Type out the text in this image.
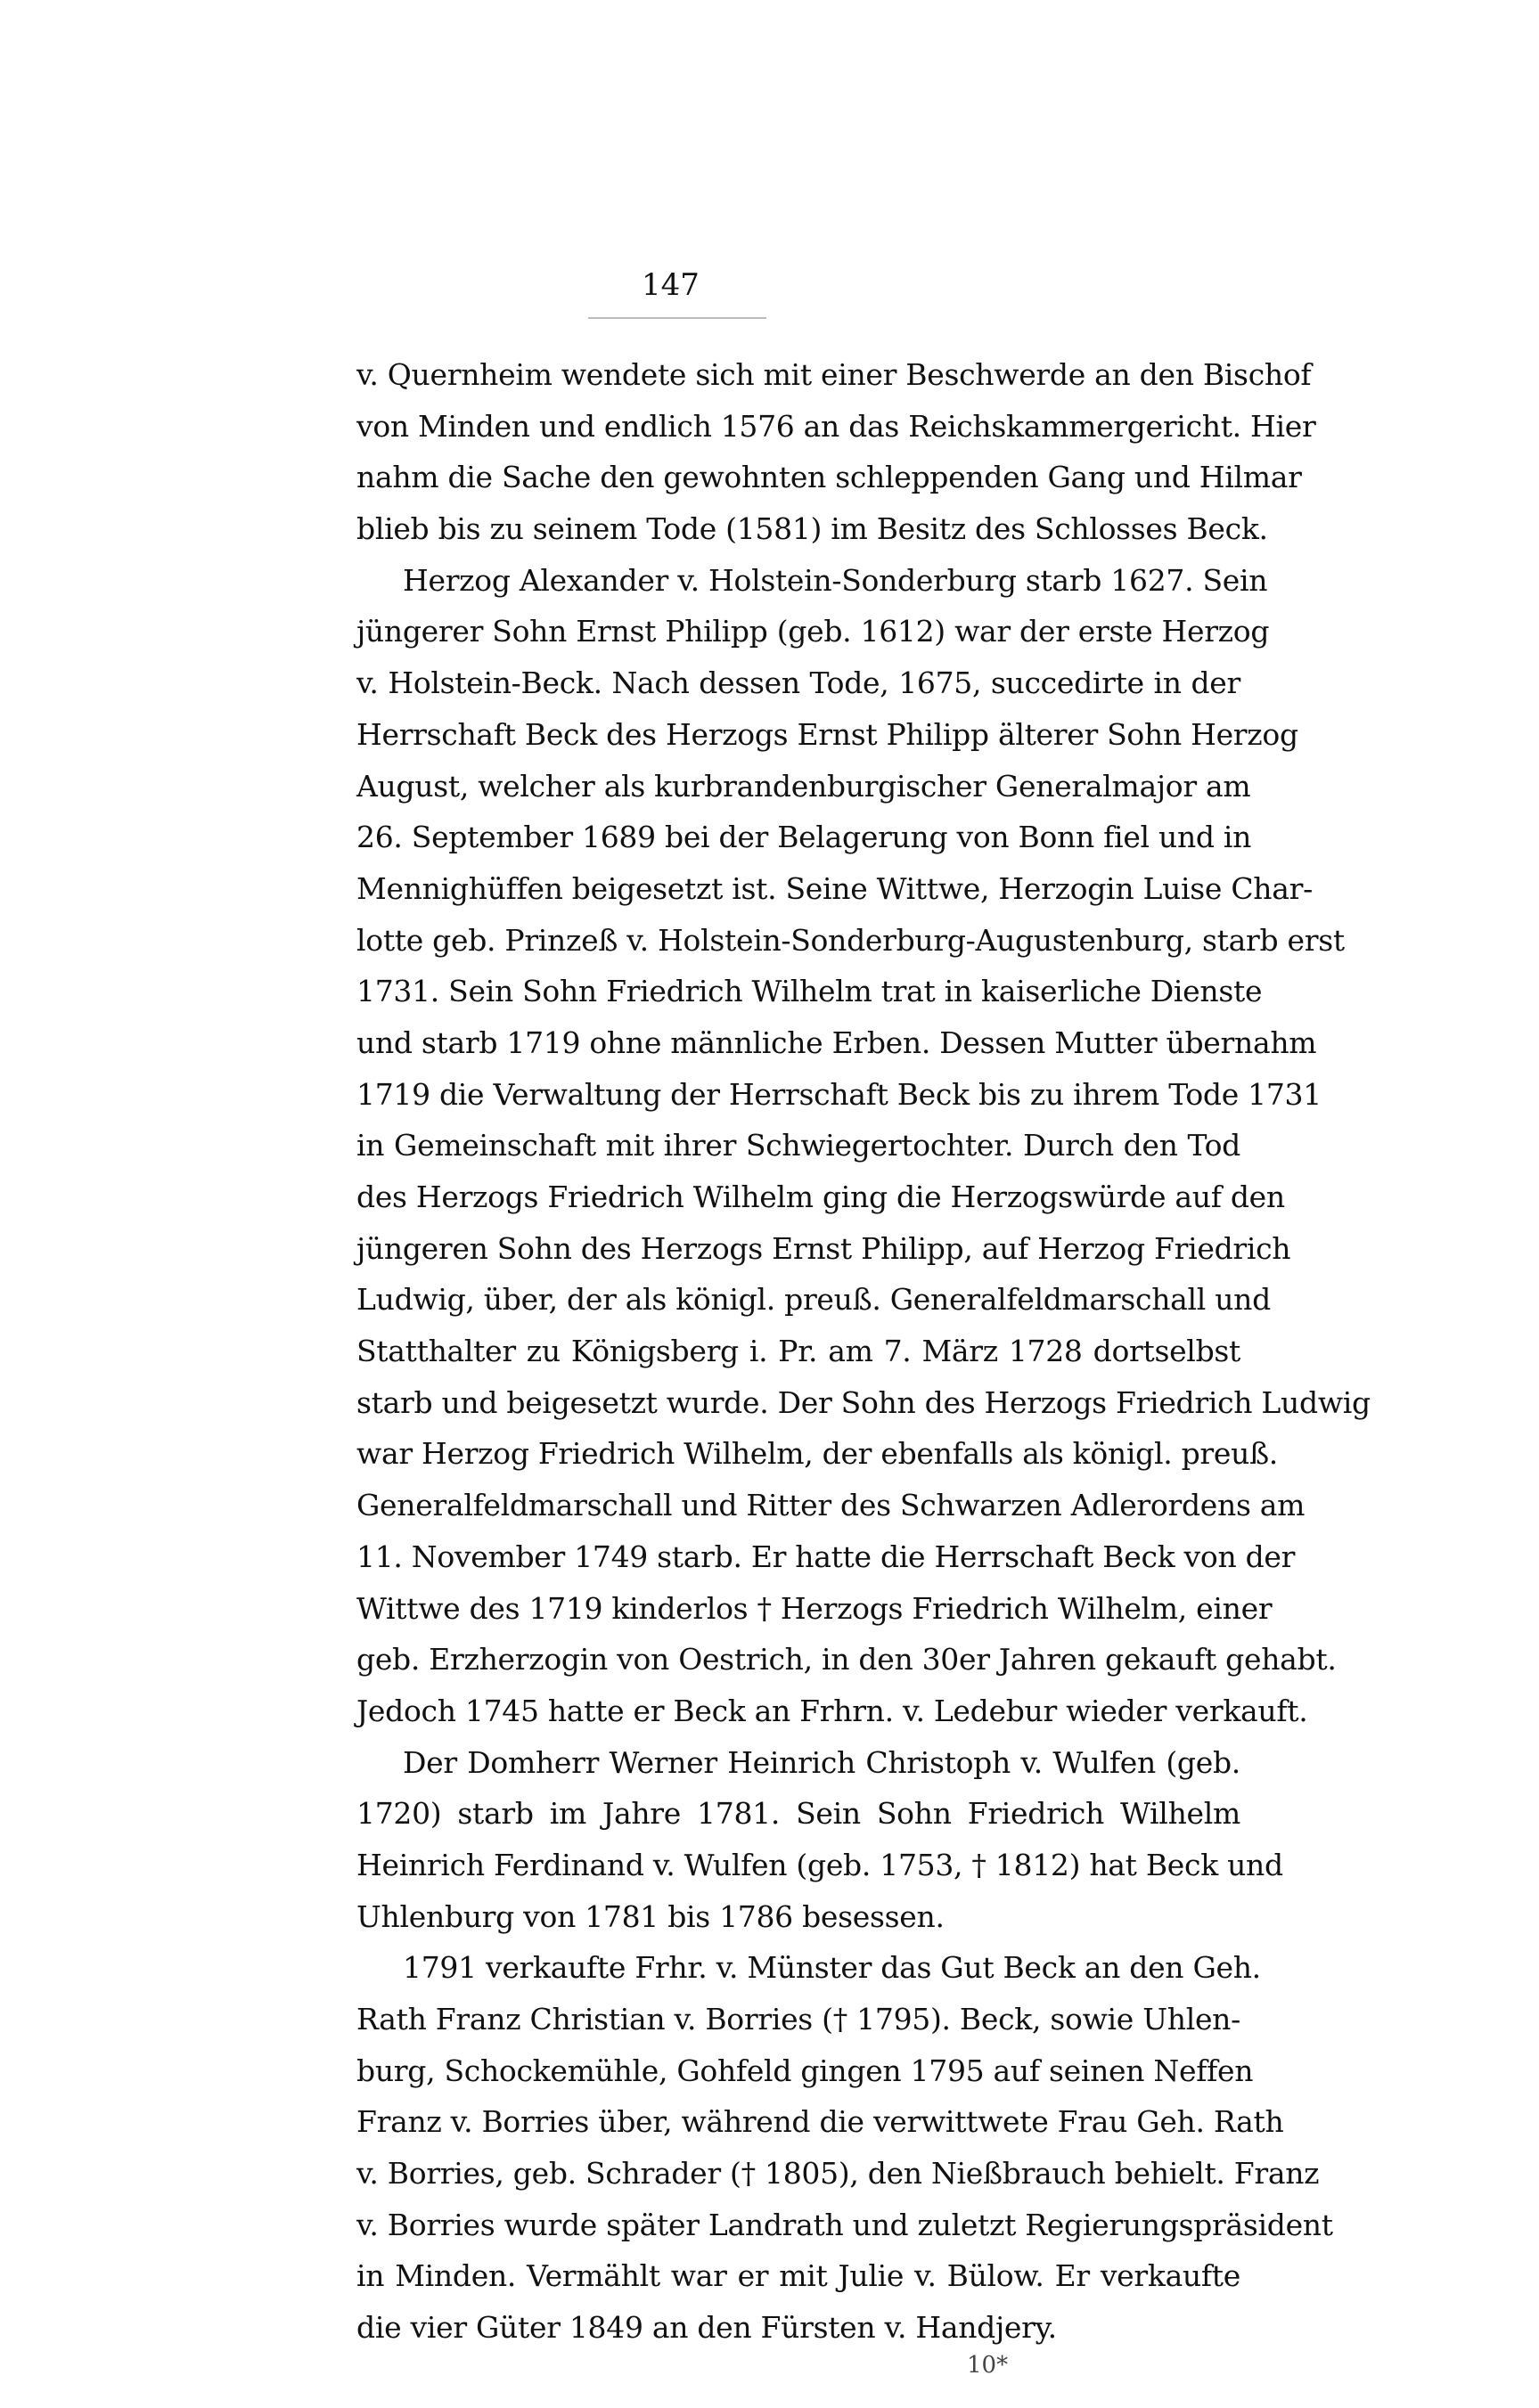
147
v. Quernheim wendete sich mit einer Beschwerde an den Bischof
von Minden und endlich 1576 an das Reichskammergericht. Hier
nahm die Sache den gewohnten schleppenden Gang und Hilmar
blieb bis zu seinem Tode (1581) im Besitz des Schlosses Beck.
Herzog Alexander v. Holstein-Sonderburg starb 1627. Sein
jüngerer Sohn Ernst Philipp (geb. 1612) war der erste Herzog
v. Holstein-Beck. Nach dessen Tode, 1675, succedirte in der
Herrschaft Beck des Herzogs Ernst Philipp älterer Sohn Herzog
August, welcher als kurbrandenburgischer Generalmajor am
26. September 1689 bei der Belagerung von Bonn fiel und in
Mennighüffen beigesetzt ist. Seine Wittwe, Herzogin Luise Char-
lotte geb. Prinzeß v. Holstein-Sonderburg-Augustenburg, starb erst
1731. Sein Sohn Friedrich Wilhelm trat in kaiserliche Dienste
und starb 1719 ohne männliche Erben. Dessen Mutter übernahm
1719 die Verwaltung der Herrschaft Beck bis zu ihrem Tode 1731
in Gemeinschaft mit ihrer Schwiegertochter. Durch den Tod
des Herzogs Friedrich Wilhelm ging die Herzogswürde auf den
jüngeren Sohn des Herzogs Ernst Philipp, auf Herzog Friedrich
Ludwig, über, der als königl. preuß. Generalfeldmarschall und
Statthalter zu Königsberg i. Pr. am 7. März 1728 dortselbst
starb und beigesetzt wurde. Der Sohn des Herzogs Friedrich Ludwig
war Herzog Friedrich Wilhelm, der ebenfalls als königl. preuß.
Generalfeldmarschall und Ritter des Schwarzen Adlerordens am
11. November 1749 starb. Er hatte die Herrschaft Beck von der
Wittwe des 1719 kinderlos † Herzogs Friedrich Wilhelm, einer
geb. Erzherzogin von Oestrich, in den 30er Jahren gekauft gehabt.
Jedoch 1745 hatte er Beck an Frhrn. v. Ledebur wieder verkauft.
Der Domherr Werner Heinrich Christoph v. Wulfen (geb.
1720) starb im Jahre 1781. Sein Sohn Friedrich Wilhelm
Heinrich Ferdinand v. Wulfen (geb. 1753, † 1812) hat Beck und
Uhlenburg von 1781 bis 1786 besessen.
1791 verkaufte Frhr. v. Münster das Gut Beck an den Geh.
Rath Franz Christian v. Borries († 1795). Beck, sowie Uhlen-
burg, Schockemühle, Gohfeld gingen 1795 auf seinen Neffen
Franz v. Borries über, während die verwittwete Frau Geh. Rath
v. Borries, geb. Schrader († 1805), den Nießbrauch behielt. Franz
v. Borries wurde später Landrath und zuletzt Regierungspräsident
in Minden. Vermählt war er mit Julie v. Bülow. Er verkaufte
die vier Güter 1849 an den Fürsten v. Handjery.
10*
